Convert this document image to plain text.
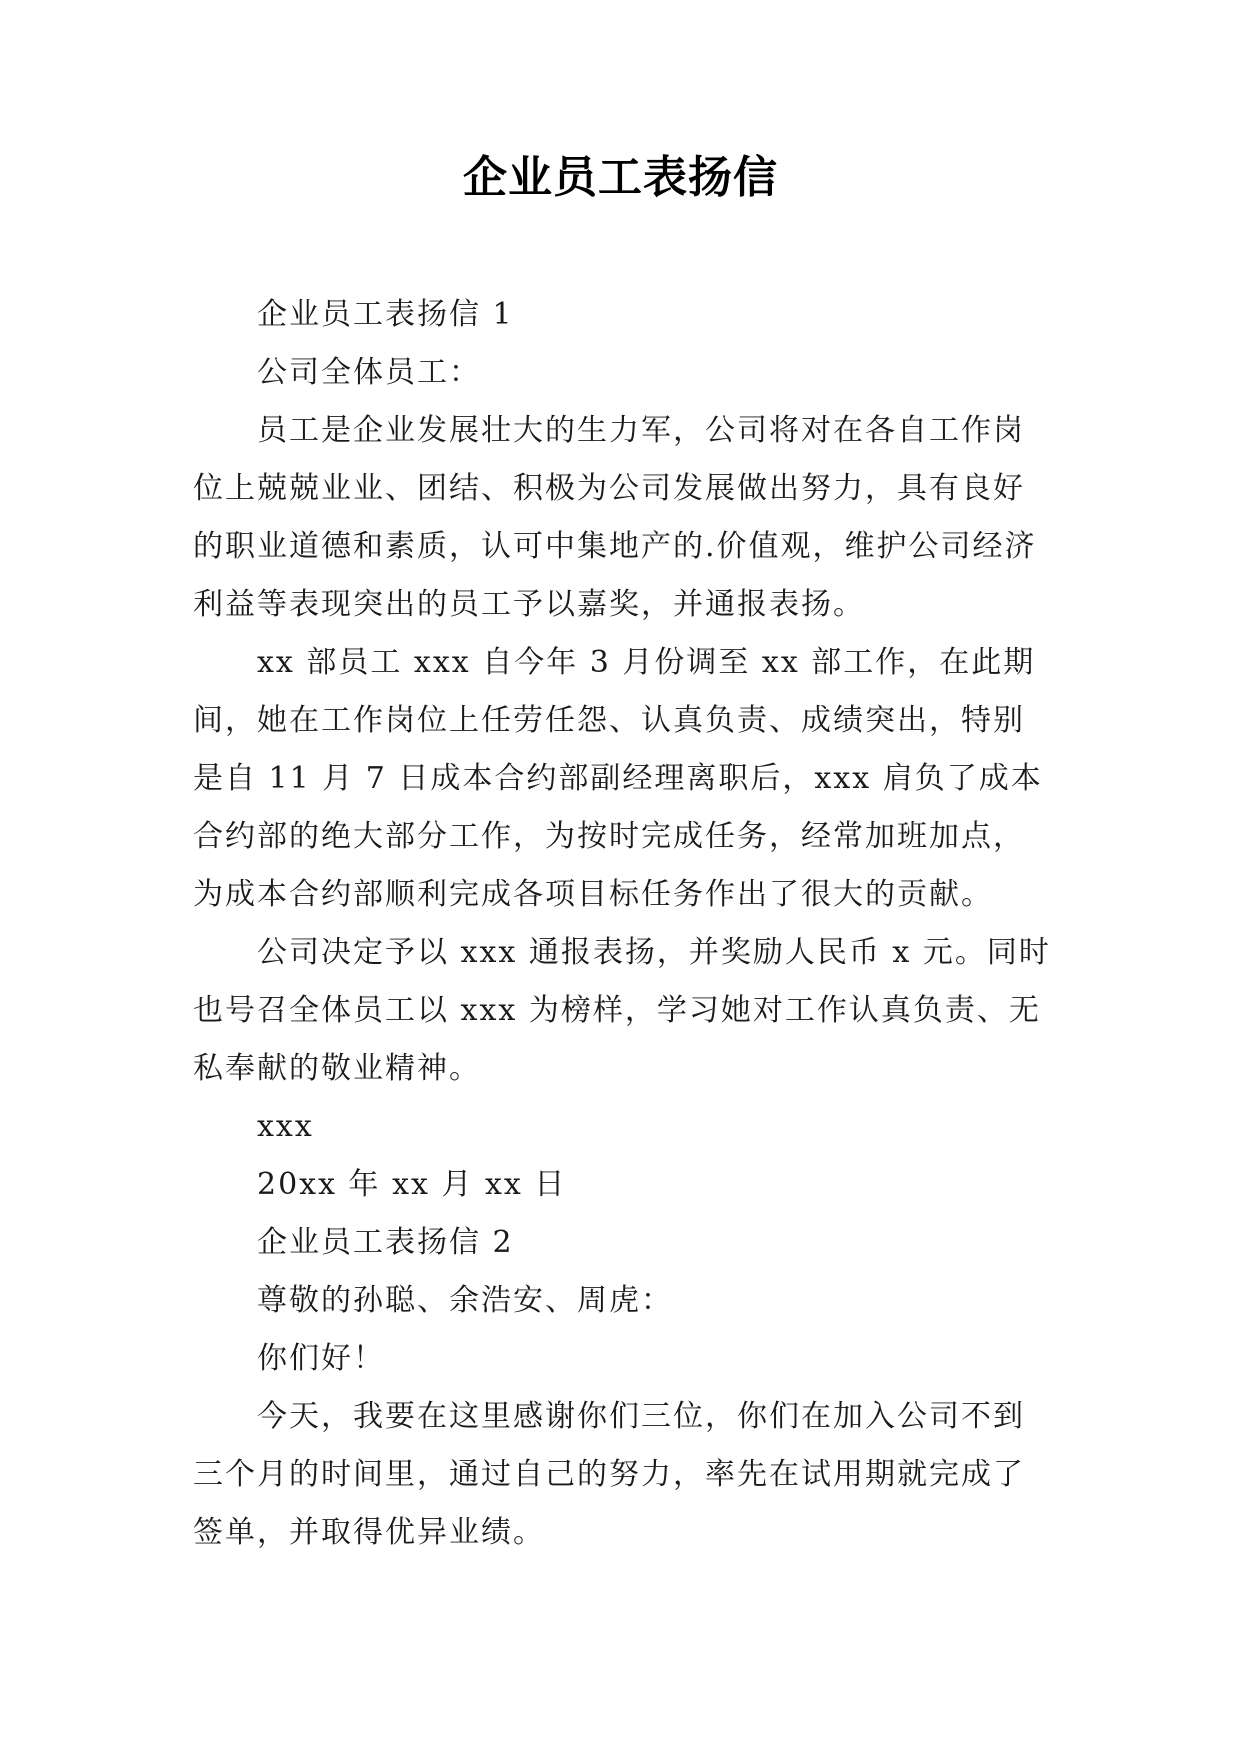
企业员工表扬信

企业员工表扬信 1

公司全体员工：

员工是企业发展壮大的生力军，公司将对在各自工作岗位上兢兢业业、团结、积极为公司发展做出努力，具有良好的职业道德和素质，认可中集地产的.价值观，维护公司经济利益等表现突出的员工予以嘉奖，并通报表扬。

xx 部员工 xxx 自今年 3 月份调至 xx 部工作，在此期间，她在工作岗位上任劳任怨、认真负责、成绩突出，特别是自 11 月 7 日成本合约部副经理离职后，xxx 肩负了成本合约部的绝大部分工作，为按时完成任务，经常加班加点，为成本合约部顺利完成各项目标任务作出了很大的贡献。

公司决定予以 xxx 通报表扬，并奖励人民币 x 元。同时也号召全体员工以 xxx 为榜样，学习她对工作认真负责、无私奉献的敬业精神。

xxx

20xx 年 xx 月 xx 日

企业员工表扬信 2

尊敬的孙聪、余浩安、周虎：

你们好！

今天，我要在这里感谢你们三位，你们在加入公司不到三个月的时间里，通过自己的努力，率先在试用期就完成了签单，并取得优异业绩。
